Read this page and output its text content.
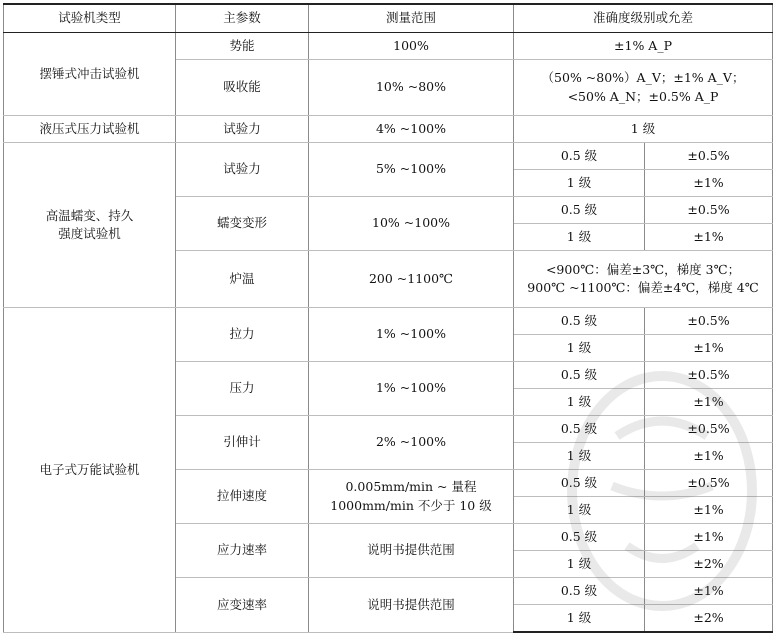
试验机类型	主参数	测量范围	准确度级别或允差	
摆锤式冲击试验机	势能	100%	±1% A_P	
	吸收能	10% ~80%	（50% ~80%）A_V；±1% A_V；
<50% A_N；±0.5% A_P	

液压式压力试验机	试验力	4% ~100%	1 级	

高温蠕变、持久
强度试验机	试验力	5% ~100%	0.5 级	±0.5%
			1 级	±1%
	蠕变变形	10% ~100%	0.5 级	±0.5%
			1 级	±1%
	炉温	200 ~1100℃	<900℃：偏差±3℃，梯度 3℃；
900℃ ~1100℃：偏差±4℃，梯度 4℃	

电子式万能试验机	拉力	1% ~100%	0.5 级	±0.5%
			1 级	±1%
	压力	1% ~100%	0.5 级	±0.5%
			1 级	±1%
	引伸计	2% ~100%	0.5 级	±0.5%
			1 级	±1%
	拉伸速度	0.005mm/min ~ 量程
1000mm/min 不少于 10 级	0.5 级	±0.5%
			1 级	±1%
	应力速率	说明书提供范围	0.5 级	±1%
			1 级	±2%
	应变速率	说明书提供范围	0.5 级	±1%
			1 级	±2%
